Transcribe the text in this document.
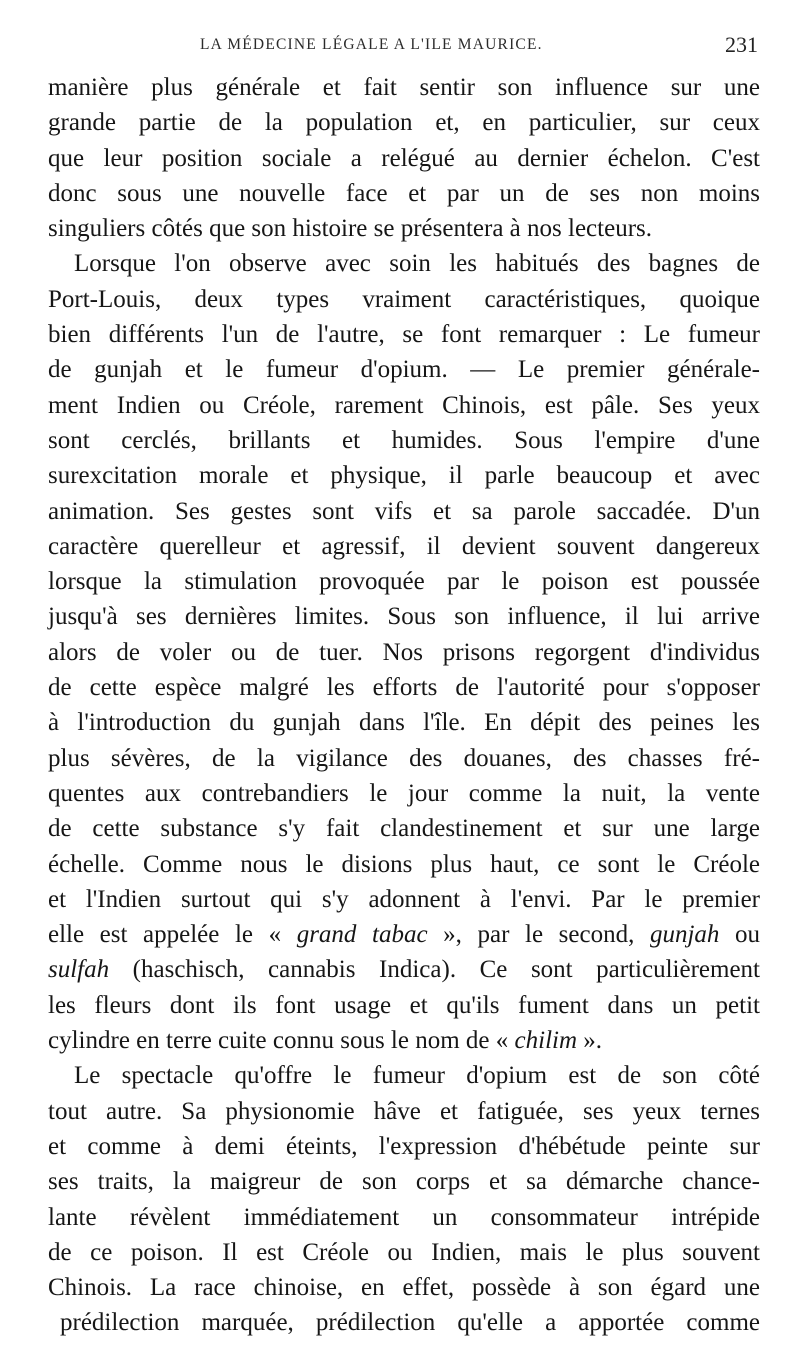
LA MÉDECINE LÉGALE A L'ILE MAURICE.	231
manière plus générale et fait sentir son influence sur une
grande partie de la population et, en particulier, sur ceux
que leur position sociale a relégué au dernier échelon. C'est
donc sous une nouvelle face et par un de ses non moins
singuliers côtés que son histoire se présentera à nos lecteurs.
Lorsque l'on observe avec soin les habitués des bagnes de
Port-Louis, deux types vraiment caractéristiques, quoique
bien différents l'un de l'autre, se font remarquer : Le fumeur
de gunjah et le fumeur d'opium. — Le premier générale-
ment Indien ou Créole, rarement Chinois, est pâle. Ses yeux
sont cerclés, brillants et humides. Sous l'empire d'une
surexcitation morale et physique, il parle beaucoup et avec
animation. Ses gestes sont vifs et sa parole saccadée. D'un
caractère querelleur et agressif, il devient souvent dangereux
lorsque la stimulation provoquée par le poison est poussée
jusqu'à ses dernières limites. Sous son influence, il lui arrive
alors de voler ou de tuer. Nos prisons regorgent d'individus
de cette espèce malgré les efforts de l'autorité pour s'opposer
à l'introduction du gunjah dans l'île. En dépit des peines les
plus sévères, de la vigilance des douanes, des chasses fré-
quentes aux contrebandiers le jour comme la nuit, la vente
de cette substance s'y fait clandestinement et sur une large
échelle. Comme nous le disions plus haut, ce sont le Créole
et l'Indien surtout qui s'y adonnent à l'envi. Par le premier
elle est appelée le « grand tabac », par le second, gunjah ou
sulfah (haschisch, cannabis Indica). Ce sont particulièrement
les fleurs dont ils font usage et qu'ils fument dans un petit
cylindre en terre cuite connu sous le nom de « chilim ».
Le spectacle qu'offre le fumeur d'opium est de son côté
tout autre. Sa physionomie hâve et fatiguée, ses yeux ternes
et comme à demi éteints, l'expression d'hébétude peinte sur
ses traits, la maigreur de son corps et sa démarche chance-
lante révèlent immédiatement un consommateur intrépide
de ce poison. Il est Créole ou Indien, mais le plus souvent
Chinois. La race chinoise, en effet, possède à son égard une
prédilection marquée, prédilection qu'elle a apportée comme
